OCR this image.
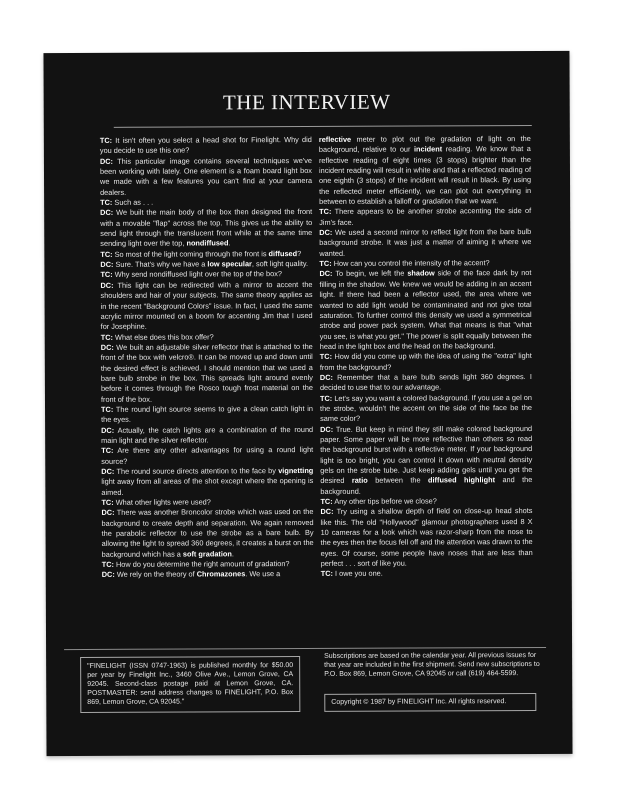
THE INTERVIEW

TC: It isn't often you select a head shot for Finelight. Why did you decide to use this one?

DC: This particular image contains several techniques we've been working with lately. One element is a foam board light box we made with a few features you can't find at your camera dealers.

TC: Such as . . .

DC: We built the main body of the box then designed the front with a movable "flap" across the top. This gives us the ability to send light through the translucent front while at the same time sending light over the top, nondiffused.

TC: So most of the light coming through the front is diffused?

DC: Sure. That's why we have a low specular, soft light quality.

TC: Why send nondiffused light over the top of the box?

DC: This light can be redirected with a mirror to accent the shoulders and hair of your subjects. The same theory applies as in the recent "Background Colors" issue. In fact, I used the same acrylic mirror mounted on a boom for accenting Jim that I used for Josephine.

TC: What else does this box offer?

DC: We built an adjustable silver reflector that is attached to the front of the box with velcro®. It can be moved up and down until the desired effect is achieved. I should mention that we used a bare bulb strobe in the box. This spreads light around evenly before it comes through the Rosco tough frost material on the front of the box.

TC: The round light source seems to give a clean catch light in the eyes.

DC: Actually, the catch lights are a combination of the round main light and the silver reflector.

TC: Are there any other advantages for using a round light source?

DC: The round source directs attention to the face by vignetting light away from all areas of the shot except where the opening is aimed.

TC: What other lights were used?

DC: There was another Broncolor strobe which was used on the background to create depth and separation. We again removed the parabolic reflector to use the strobe as a bare bulb. By allowing the light to spread 360 degrees, it creates a burst on the background which has a soft gradation.

TC: How do you determine the right amount of gradation?

DC: We rely on the theory of Chromazones. We use a

reflective meter to plot out the gradation of light on the background, relative to our incident reading. We know that a reflective reading of eight times (3 stops) brighter than the incident reading will result in white and that a reflected reading of one eighth (3 stops) of the incident will result in black. By using the reflected meter efficiently, we can plot out everything in between to establish a falloff or gradation that we want.

TC: There appears to be another strobe accenting the side of Jim's face.

DC: We used a second mirror to reflect light from the bare bulb background strobe. It was just a matter of aiming it where we wanted.

TC: How can you control the intensity of the accent?

DC: To begin, we left the shadow side of the face dark by not filling in the shadow. We knew we would be adding in an accent light. If there had been a reflector used, the area where we wanted to add light would be contaminated and not give total saturation. To further control this density we used a symmetrical strobe and power pack system. What that means is that "what you see, is what you get." The power is split equally between the head in the light box and the head on the background.

TC: How did you come up with the idea of using the "extra" light from the background?

DC: Remember that a bare bulb sends light 360 degrees. I decided to use that to our advantage.

TC: Let's say you want a colored background. If you use a gel on the strobe, wouldn't the accent on the side of the face be the same color?

DC: True. But keep in mind they still make colored background paper. Some paper will be more reflective than others so read the background burst with a reflective meter. If your background light is too bright, you can control it down with neutral density gels on the strobe tube. Just keep adding gels until you get the desired ratio between the diffused highlight and the background.

TC: Any other tips before we close?

DC: Try using a shallow depth of field on close-up head shots like this. The old "Hollywood" glamour photographers used 8 X 10 cameras for a look which was razor-sharp from the nose to the eyes then the focus fell off and the attention was drawn to the eyes. Of course, some people have noses that are less than perfect . . . sort of like you.

TC: I owe you one.

"FINELIGHT (ISSN 0747-1963) is published monthly for $50.00 per year by Finelight Inc., 3460 Olive Ave., Lemon Grove, CA 92045. Second-class postage paid at Lemon Grove, CA. POSTMASTER: send address changes to FINELIGHT, P.O. Box 869, Lemon Grove, CA 92045."
Subscriptions are based on the calendar year. All previous issues for that year are included in the first shipment. Send new subscriptions to P.O. Box 869, Lemon Grove, CA 92045 or call (619) 464-5599.
Copyright © 1987 by FINELIGHT Inc. All rights reserved.
